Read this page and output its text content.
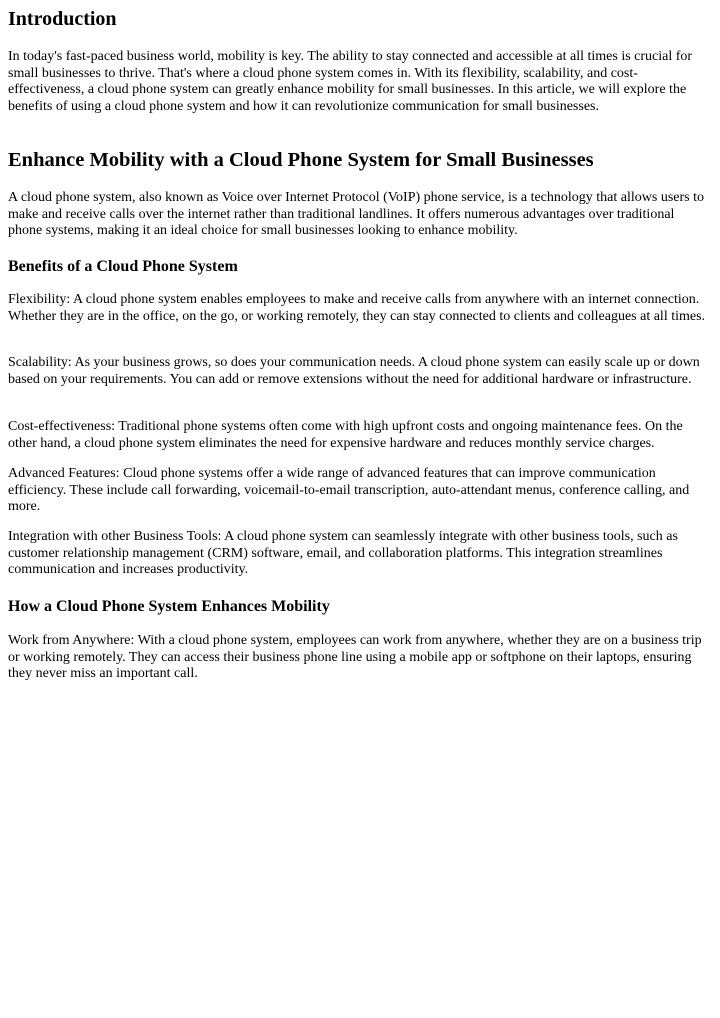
Introduction

In today's fast-paced business world, mobility is key. The ability to stay connected and accessible at all times is crucial for small businesses to thrive. That's where a cloud phone system comes in. With its flexibility, scalability, and cost-effectiveness, a cloud phone system can greatly enhance mobility for small businesses. In this article, we will explore the benefits of using a cloud phone system and how it can revolutionize communication for small businesses.

Enhance Mobility with a Cloud Phone System for Small Businesses

A cloud phone system, also known as Voice over Internet Protocol (VoIP) phone service, is a technology that allows users to make and receive calls over the internet rather than traditional landlines. It offers numerous advantages over traditional phone systems, making it an ideal choice for small businesses looking to enhance mobility.

Benefits of a Cloud Phone System

Flexibility: A cloud phone system enables employees to make and receive calls from anywhere with an internet connection. Whether they are in the office, on the go, or working remotely, they can stay connected to clients and colleagues at all times.

Scalability: As your business grows, so does your communication needs. A cloud phone system can easily scale up or down based on your requirements. You can add or remove extensions without the need for additional hardware or infrastructure.

Cost-effectiveness: Traditional phone systems often come with high upfront costs and ongoing maintenance fees. On the other hand, a cloud phone system eliminates the need for expensive hardware and reduces monthly service charges.

Advanced Features: Cloud phone systems offer a wide range of advanced features that can improve communication efficiency. These include call forwarding, voicemail-to-email transcription, auto-attendant menus, conference calling, and more.

Integration with other Business Tools: A cloud phone system can seamlessly integrate with other business tools, such as customer relationship management (CRM) software, email, and collaboration platforms. This integration streamlines communication and increases productivity.

How a Cloud Phone System Enhances Mobility

Work from Anywhere: With a cloud phone system, employees can work from anywhere, whether they are on a business trip or working remotely. They can access their business phone line using a mobile app or softphone on their laptops, ensuring they never miss an important call.
